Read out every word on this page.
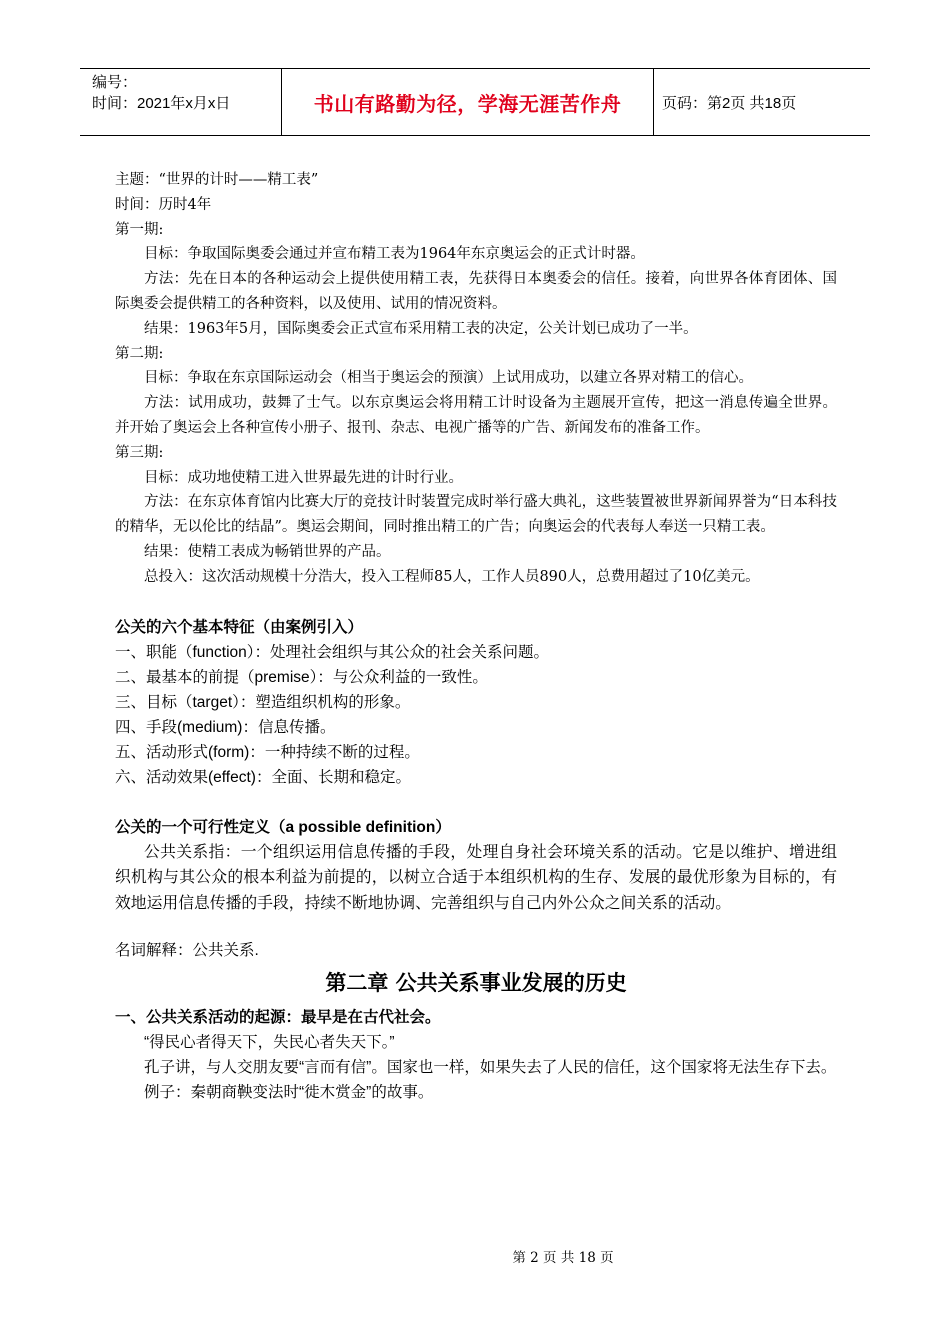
编号：
时间：2021年x月x日	书山有路勤为径，学海无涯苦作舟	页码：第2页 共18页

主题：“世界的计时——精工表”

时间：历时4年

第一期:

目标：争取国际奥委会通过并宣布精工表为1964年东京奥运会的正式计时器。

方法：先在日本的各种运动会上提供使用精工表，先获得日本奥委会的信任。接着，向世界各体育团体、国际奥委会提供精工的各种资料，以及使用、试用的情况资料。

结果：1963年5月，国际奥委会正式宣布采用精工表的决定，公关计划已成功了一半。

第二期:

目标：争取在东京国际运动会（相当于奥运会的预演）上试用成功，以建立各界对精工的信心。

方法：试用成功，鼓舞了士气。以东京奥运会将用精工计时设备为主题展开宣传，把这一消息传遍全世界。并开始了奥运会上各种宣传小册子、报刊、杂志、电视广播等的广告、新闻发布的准备工作。

第三期:

目标：成功地使精工进入世界最先进的计时行业。

方法：在东京体育馆内比赛大厅的竞技计时装置完成时举行盛大典礼，这些装置被世界新闻界誉为“日本科技的精华，无以伦比的结晶”。奥运会期间，同时推出精工的广告；向奥运会的代表每人奉送一只精工表。

结果：使精工表成为畅销世界的产品。

总投入：这次活动规模十分浩大，投入工程师85人，工作人员890人，总费用超过了10亿美元。

公关的六个基本特征（由案例引入）

一、职能（function）：处理社会组织与其公众的社会关系问题。

二、最基本的前提（premise）：与公众利益的一致性。

三、目标（target）：塑造组织机构的形象。

四、手段(medium)：信息传播。

五、活动形式(form)：一种持续不断的过程。

六、活动效果(effect)：全面、长期和稳定。

公关的一个可行性定义（a possible definition）

公共关系指：一个组织运用信息传播的手段，处理自身社会环境关系的活动。它是以维护、增进组织机构与其公众的根本利益为前提的，以树立合适于本组织机构的生存、发展的最优形象为目标的，有效地运用信息传播的手段，持续不断地协调、完善组织与自己内外公众之间关系的活动。

名词解释：公共关系.

第二章 公共关系事业发展的历史

一、公共关系活动的起源：最早是在古代社会。

“得民心者得天下，失民心者失天下。”

孔子讲，与人交朋友要“言而有信”。国家也一样，如果失去了人民的信任，这个国家将无法生存下去。

例子：秦朝商鞅变法时“徙木赏金”的故事。

第 2 页 共 18 页
